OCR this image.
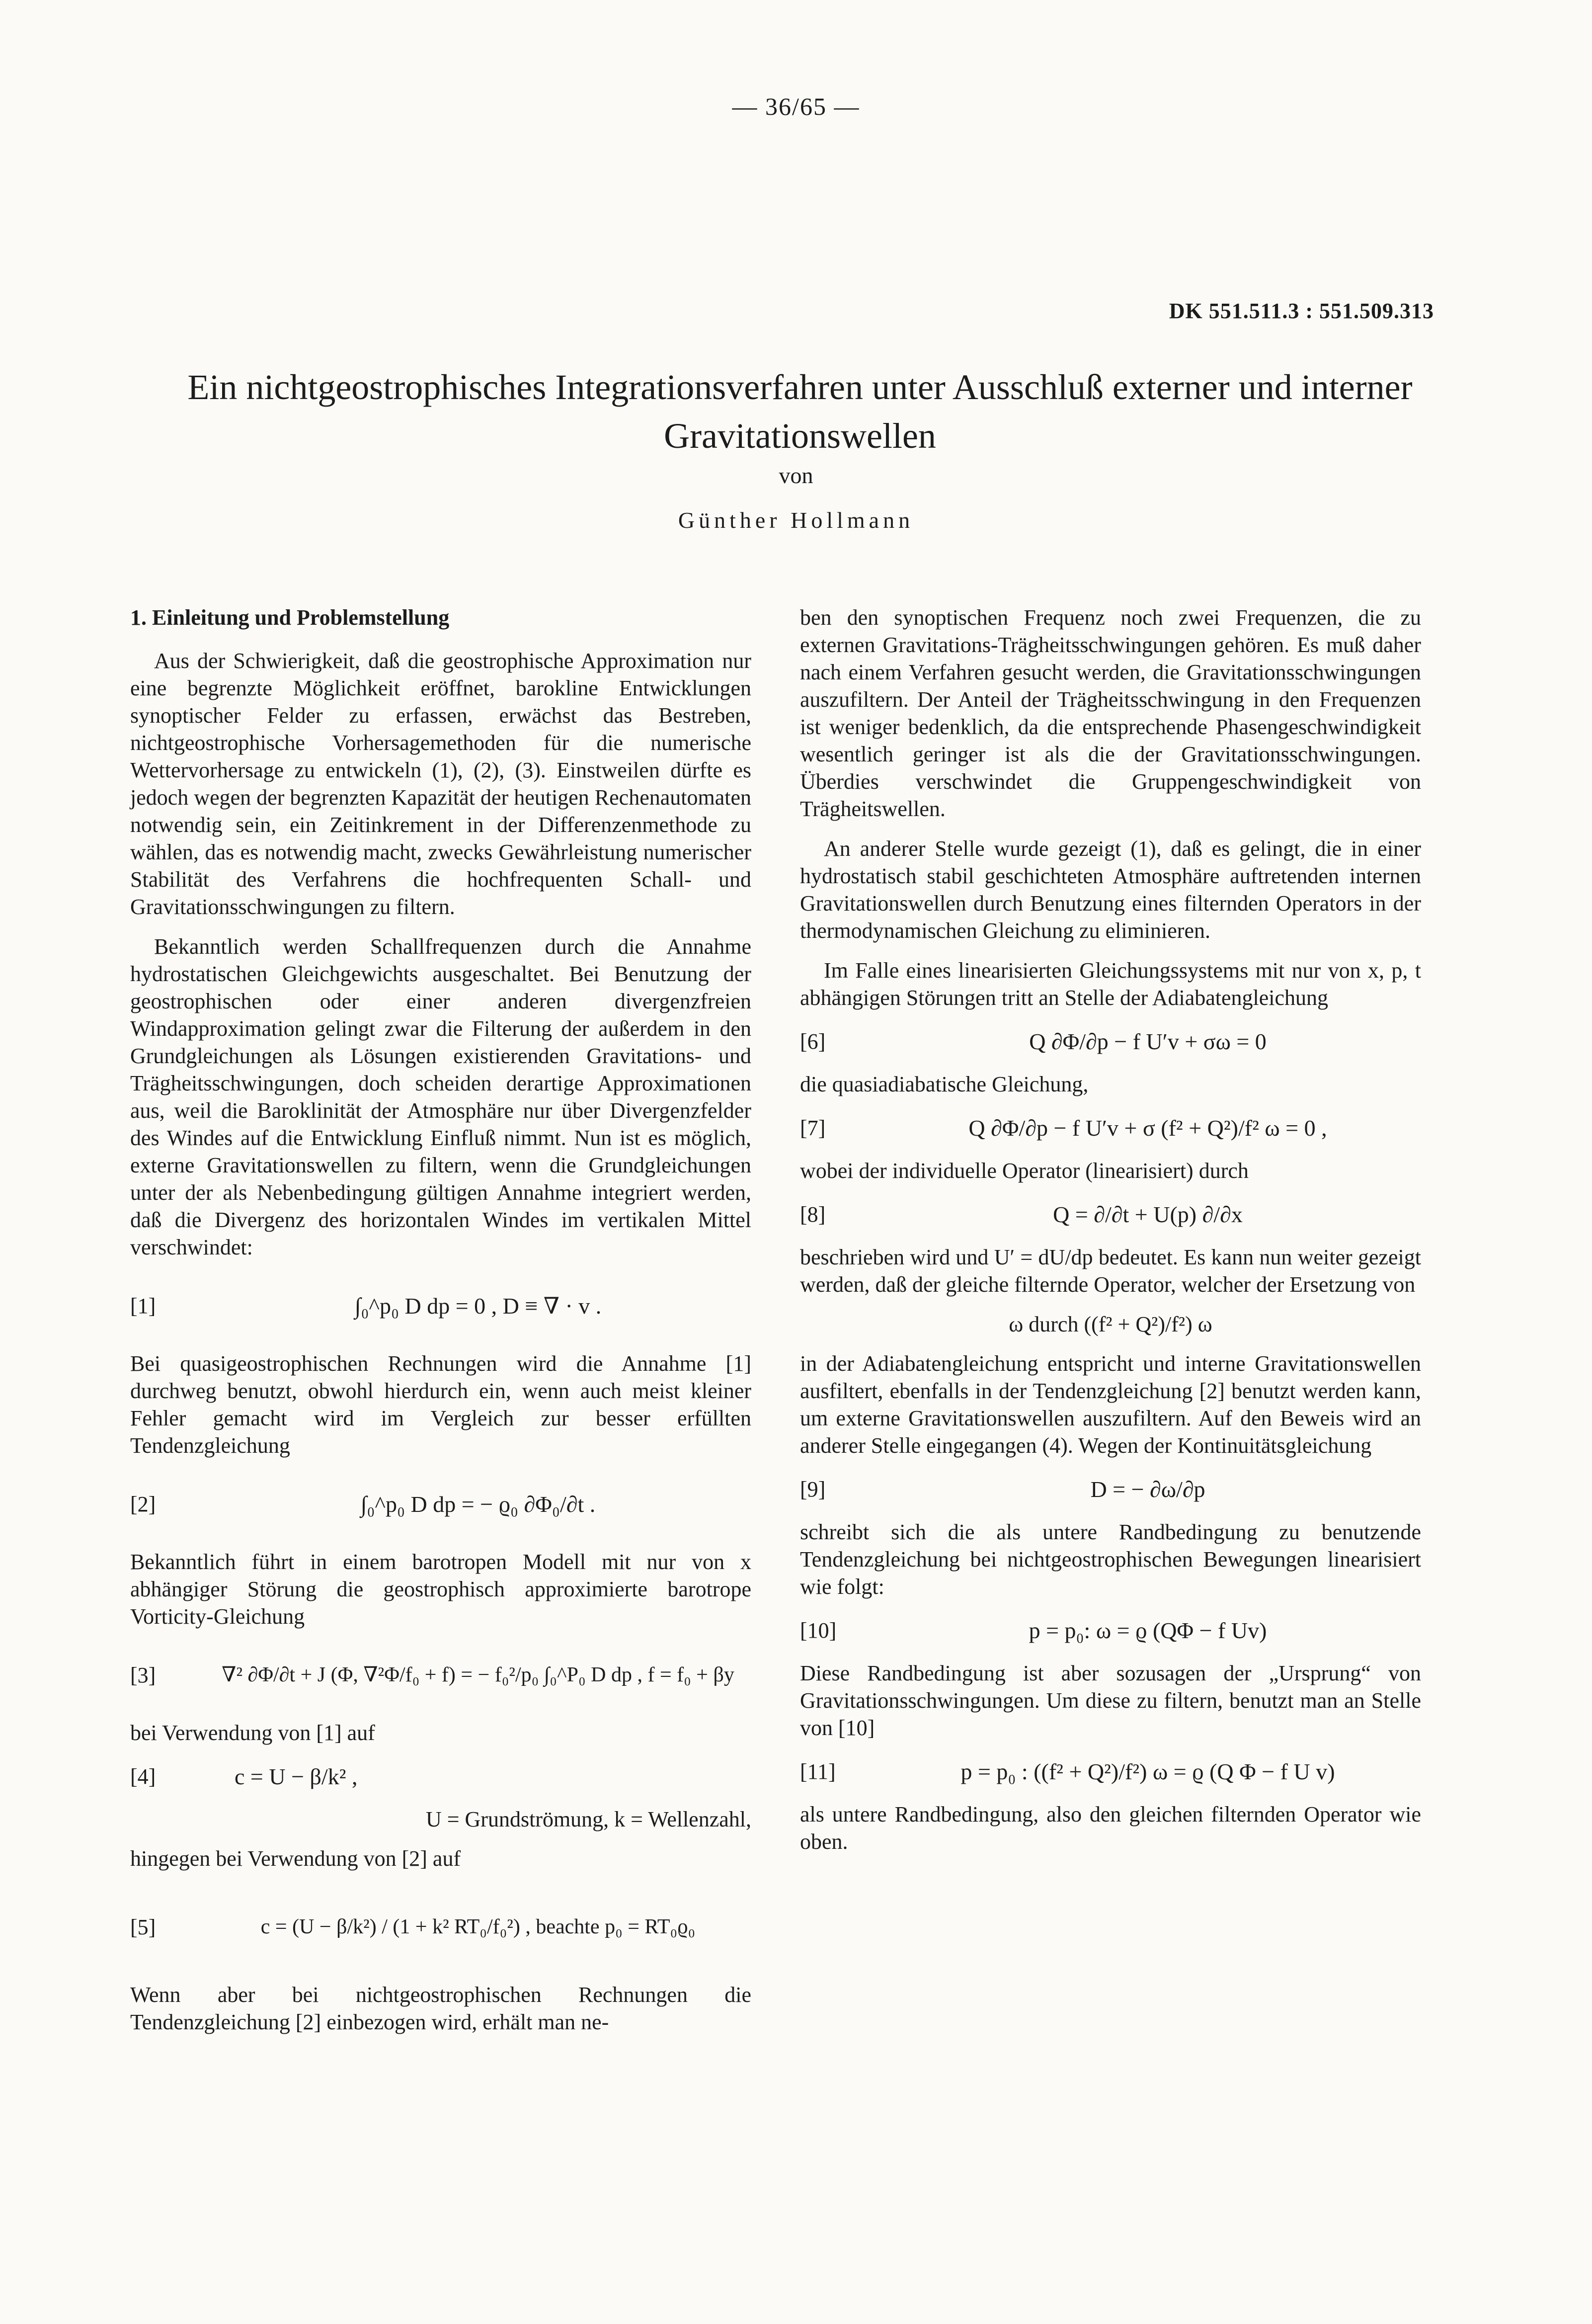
— 36/65 —
DK 551.511.3 : 551.509.313
Ein nichtgeostrophisches Integrationsverfahren unter Ausschluß externer und interner Gravitationswellen
von
Günther Hollmann
1. Einleitung und Problemstellung

Aus der Schwierigkeit, daß die geostrophische Approximation nur eine begrenzte Möglichkeit eröffnet, barokline Entwicklungen synoptischer Felder zu erfassen, erwächst das Bestreben, nichtgeostrophische Vorhersagemethoden für die numerische Wettervorhersage zu entwickeln (1), (2), (3). Einstweilen dürfte es jedoch wegen der begrenzten Kapazität der heutigen Rechenautomaten notwendig sein, ein Zeitinkrement in der Differenzenmethode zu wählen, das es notwendig macht, zwecks Gewährleistung numerischer Stabilität des Verfahrens die hochfrequenten Schall- und Gravitationsschwingungen zu filtern.

Bekanntlich werden Schallfrequenzen durch die Annahme hydrostatischen Gleichgewichts ausgeschaltet. Bei Benutzung der geostrophischen oder einer anderen divergenzfreien Windapproximation gelingt zwar die Filterung der außerdem in den Grundgleichungen als Lösungen existierenden Gravitations- und Trägheitsschwingungen, doch scheiden derartige Approximationen aus, weil die Baroklinität der Atmosphäre nur über Divergenzfelder des Windes auf die Entwicklung Einfluß nimmt. Nun ist es möglich, externe Gravitationswellen zu filtern, wenn die Grundgleichungen unter der als Nebenbedingung gültigen Annahme integriert werden, daß die Divergenz des horizontalen Windes im vertikalen Mittel verschwindet:

[1]	∫₀^p₀ D dp = 0 , D ≡ ∇ · v .

Bei quasigeostrophischen Rechnungen wird die Annahme [1] durchweg benutzt, obwohl hierdurch ein, wenn auch meist kleiner Fehler gemacht wird im Vergleich zur besser erfüllten Tendenzgleichung

[2]	∫₀^p₀ D dp = − ϱ₀ ∂Φ₀/∂t .

Bekanntlich führt in einem barotropen Modell mit nur von x abhängiger Störung die geostrophisch approximierte barotrope Vorticity-Gleichung

[3]	∇² ∂Φ/∂t + J (Φ, ∇²Φ/f₀ + f) = − f₀²/p₀ ∫₀^P₀ D dp , f = f₀ + βy

bei Verwendung von [1] auf

[4]	c = U − β/k² ,
U = Grundströmung, k = Wellenzahl,

hingegen bei Verwendung von [2] auf

[5]	c = (U − β/k²) / (1 + k² RT₀/f₀²) , beachte p₀ = RT₀ϱ₀

Wenn aber bei nichtgeostrophischen Rechnungen die Tendenzgleichung [2] einbezogen wird, erhält man ne-

ben den synoptischen Frequenz noch zwei Frequenzen, die zu externen Gravitations-Trägheitsschwingungen gehören. Es muß daher nach einem Verfahren gesucht werden, die Gravitationsschwingungen auszufiltern. Der Anteil der Trägheitsschwingung in den Frequenzen ist weniger bedenklich, da die entsprechende Phasengeschwindigkeit wesentlich geringer ist als die der Gravitationsschwingungen. Überdies verschwindet die Gruppengeschwindigkeit von Trägheitswellen.

An anderer Stelle wurde gezeigt (1), daß es gelingt, die in einer hydrostatisch stabil geschichteten Atmosphäre auftretenden internen Gravitationswellen durch Benutzung eines filternden Operators in der thermodynamischen Gleichung zu eliminieren.

Im Falle eines linearisierten Gleichungssystems mit nur von x, p, t abhängigen Störungen tritt an Stelle der Adiabatengleichung

[6]	Q ∂Φ/∂p − f U′v + σω = 0

die quasiadiabatische Gleichung,

[7]	Q ∂Φ/∂p − f U′v + σ (f² + Q²)/f² ω = 0 ,

wobei der individuelle Operator (linearisiert) durch

[8]	Q = ∂/∂t + U(p) ∂/∂x

beschrieben wird und U′ = dU/dp bedeutet. Es kann nun weiter gezeigt werden, daß der gleiche filternde Operator, welcher der Ersetzung von

ω durch ((f² + Q²)/f²) ω

in der Adiabatengleichung entspricht und interne Gravitationswellen ausfiltert, ebenfalls in der Tendenzgleichung [2] benutzt werden kann, um externe Gravitationswellen auszufiltern. Auf den Beweis wird an anderer Stelle eingegangen (4). Wegen der Kontinuitätsgleichung

[9]	D = − ∂ω/∂p

schreibt sich die als untere Randbedingung zu benutzende Tendenzgleichung bei nichtgeostrophischen Bewegungen linearisiert wie folgt:

[10]	p = p₀: ω = ϱ (QΦ − f Uv)

Diese Randbedingung ist aber sozusagen der „Ursprung“ von Gravitationsschwingungen. Um diese zu filtern, benutzt man an Stelle von [10]

[11]	p = p₀ : ((f² + Q²)/f²) ω = ϱ (Q Φ − f U v)

als untere Randbedingung, also den gleichen filternden Operator wie oben.
